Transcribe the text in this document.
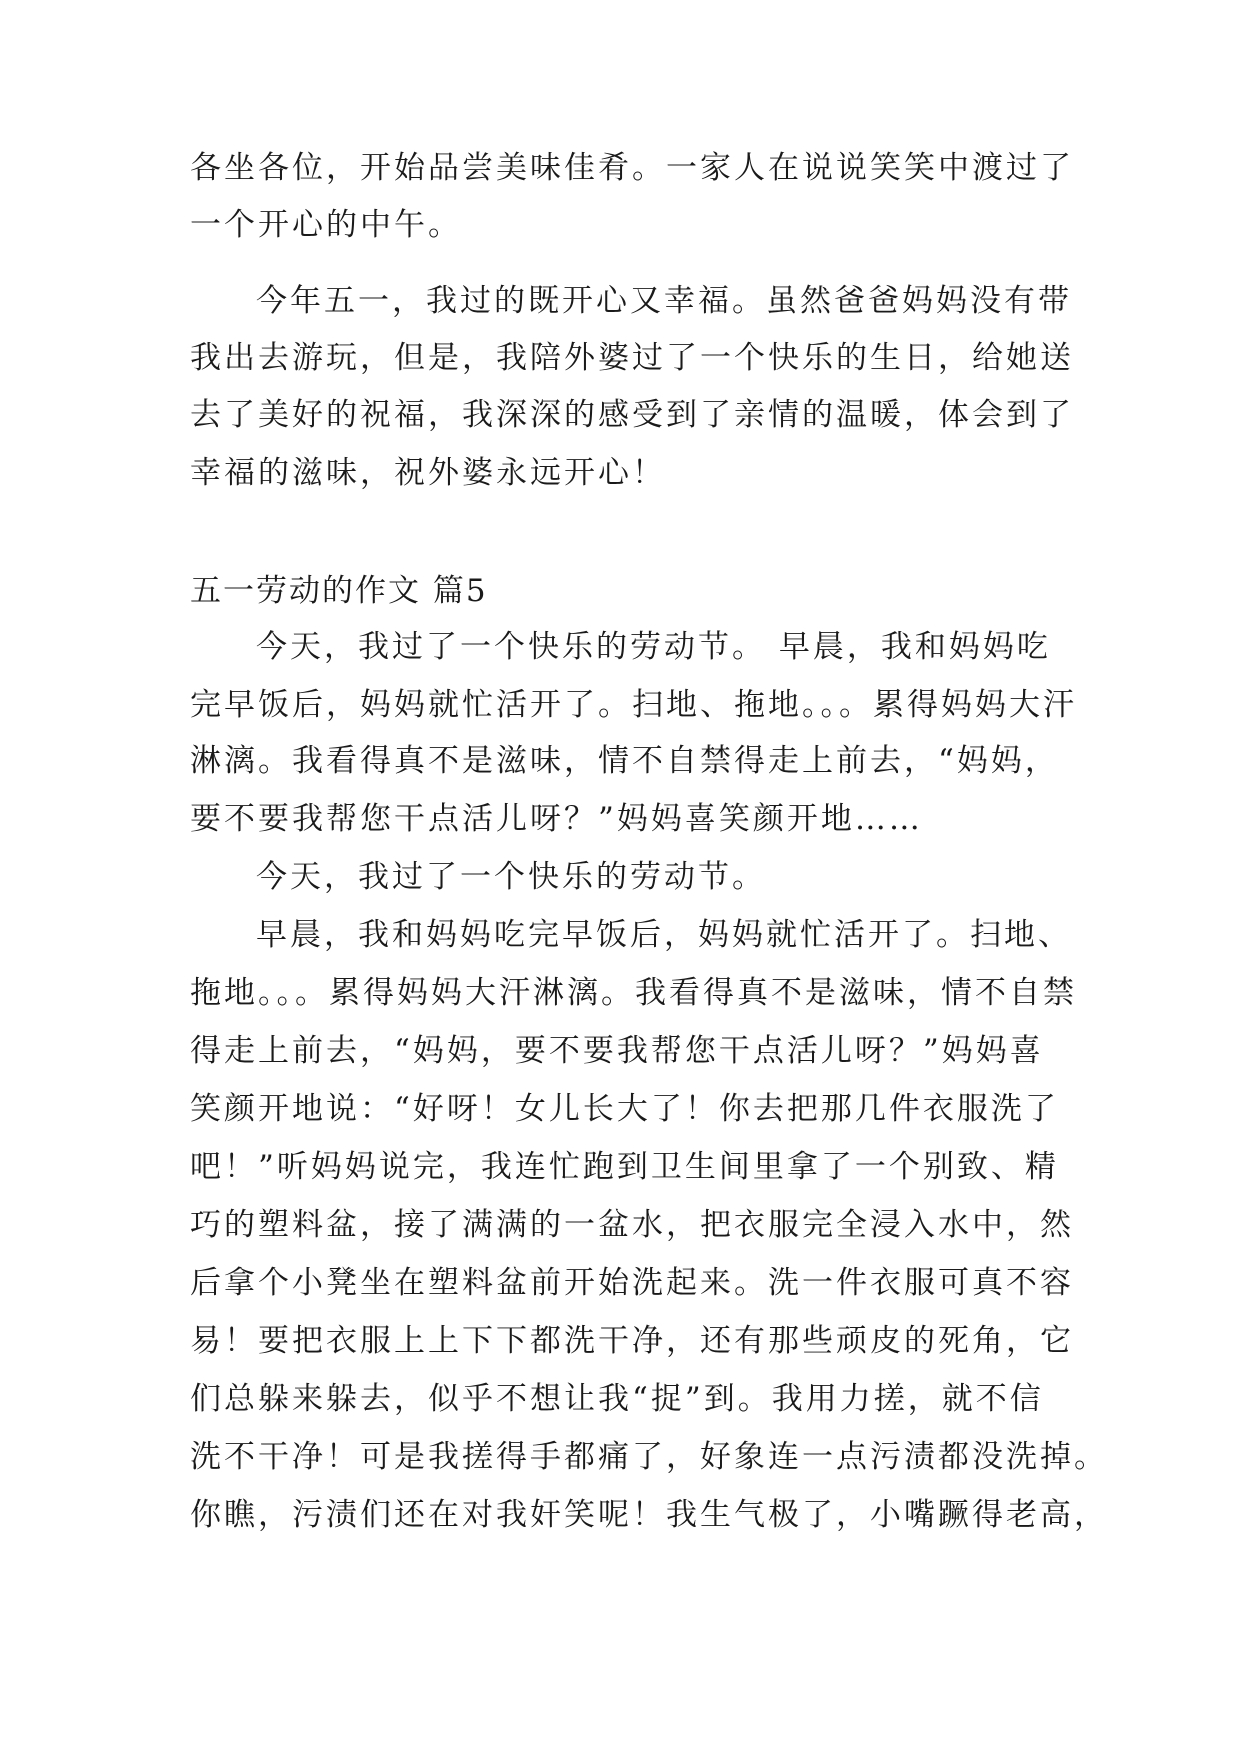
各坐各位，开始品尝美味佳肴。一家人在说说笑笑中渡过了
一个开心的中午。
今年五一，我过的既开心又幸福。虽然爸爸妈妈没有带
我出去游玩，但是，我陪外婆过了一个快乐的生日，给她送
去了美好的祝福，我深深的感受到了亲情的温暖，体会到了
幸福的滋味，祝外婆永远开心！
五一劳动的作文 篇5
今天，我过了一个快乐的劳动节。 早晨，我和妈妈吃
完早饭后，妈妈就忙活开了。扫地、拖地。。。累得妈妈大汗
淋漓。我看得真不是滋味，情不自禁得走上前去，“妈妈，
要不要我帮您干点活儿呀？”妈妈喜笑颜开地……
今天，我过了一个快乐的劳动节。
早晨，我和妈妈吃完早饭后，妈妈就忙活开了。扫地、
拖地。。。累得妈妈大汗淋漓。我看得真不是滋味，情不自禁
得走上前去，“妈妈，要不要我帮您干点活儿呀？”妈妈喜
笑颜开地说：“好呀！女儿长大了！你去把那几件衣服洗了
吧！”听妈妈说完，我连忙跑到卫生间里拿了一个别致、精
巧的塑料盆，接了满满的一盆水，把衣服完全浸入水中，然
后拿个小凳坐在塑料盆前开始洗起来。洗一件衣服可真不容
易！要把衣服上上下下都洗干净，还有那些顽皮的死角，它
们总躲来躲去，似乎不想让我“捉”到。我用力搓，就不信
洗不干净！可是我搓得手都痛了，好象连一点污渍都没洗掉。
你瞧，污渍们还在对我奸笑呢！我生气极了，小嘴蹶得老高，
